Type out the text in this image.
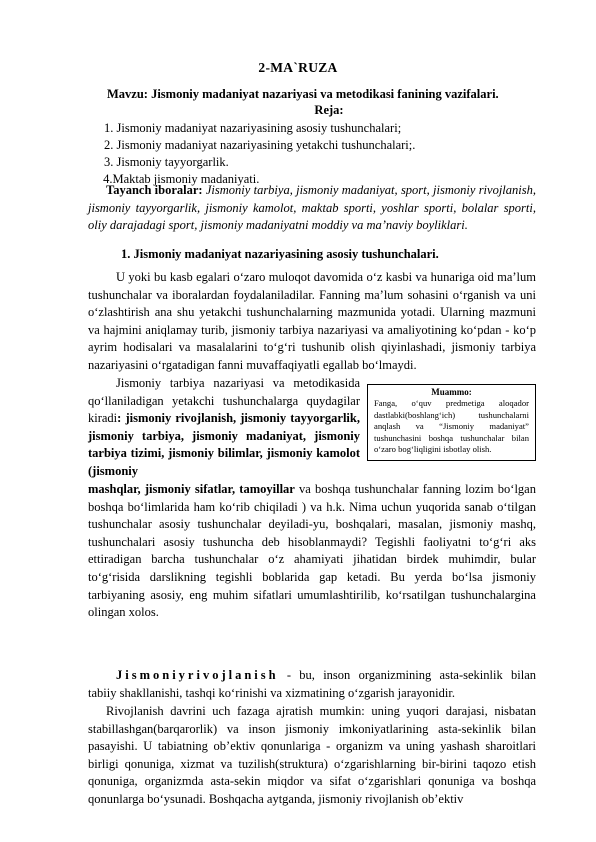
2-MA`RUZA
Mavzu: Jismoniy madaniyat nazariyasi va metodikasi fanining vazifalari.
Reja:
1. Jismoniy madaniyat nazariyasining asosiy tushunchalari;
2. Jismoniy madaniyat nazariyasining yetakchi tushunchalari;.
3. Jismoniy tayyorgarlik.
4.Maktab jismoniy madaniyati.
Tayanch iboralar: Jismoniy tarbiya, jismoniy madaniyat, sport, jismoniy rivojlanish, jismoniy tayyorgarlik, jismoniy kamolot, maktab sporti, yoshlar sporti, bolalar sporti, oliy darajadagi sport, jismoniy madaniyatni moddiy va ma’naviy boyliklari.
1. Jismoniy madaniyat nazariyasining asosiy tushunchalari.
U yoki bu kasb egalari o‘zaro muloqot davomida o‘z kasbi va hunariga oid ma’lum tushunchalar va iboralardan foydalaniladilar. Fanning ma’lum sohasini o‘rganish va uni o‘zlashtirish ana shu yetakchi tushunchalarning mazmunida yotadi. Ularning mazmuni va hajmini aniqlamay turib, jismoniy tarbiya nazariyasi va amaliyotining ko‘pdan - ko‘p ayrim hodisalari va masalalarini to‘g‘ri tushunib olish qiyinlashadi, jismoniy tarbiya nazariyasini o‘rgatadigan fanni muvaffaqiyatli egallab bo‘lmaydi.
Jismoniy tarbiya nazariyasi va metodikasida qo‘llaniladigan yetakchi tushunchalarga quydagilar kiradi: jismoniy rivojlanish, jismoniy tayyorgarlik, jismoniy tarbiya, jismoniy madaniyat, jismoniy tarbiya tizimi, jismoniy bilimlar, jismoniy kamolot (jismoniy
Muammo:
Fanga, o‘quv predmetiga aloqador dastlabki(boshlang‘ich) tushunchalarni anqlash va “Jismoniy madaniyat” tushunchasini boshqa tushunchalar bilan o‘zaro bog‘liqligini isbotlay olish.
mashqlar, jismoniy sifatlar, tamoyillar va boshqa tushunchalar fanning lozim bo‘lgan boshqa bo‘limlarida ham ko‘rib chiqiladi ) va h.k. Nima uchun yuqorida sanab o‘tilgan tushunchalar asosiy tushunchalar deyiladi-yu, boshqalari, masalan, jismoniy mashq, tushunchalari asosiy tushuncha deb hisoblanmaydi? Tegishli faoliyatni to‘g‘ri aks ettiradigan barcha tushunchalar o‘z ahamiyati jihatidan birdek muhimdir, bular to‘g‘risida darslikning tegishli boblarida gap ketadi. Bu yerda bo‘lsa jismoniy tarbiyaning asosiy, eng muhim sifatlari umumlashtirilib, ko‘rsatilgan tushunchalargina olingan xolos.
Jismoniyrivojlanish - bu, inson organizmining asta-sekinlik bilan tabiiy shakllanishi, tashqi ko‘rinishi va xizmatining o‘zgarish jarayonidir.
Rivojlanish davrini uch fazaga ajratish mumkin: uning yuqori darajasi, nisbatan stabillashgan(barqarorlik) va inson jismoniy imkoniyatlarining asta-sekinlik bilan pasayishi. U tabiatning ob’ektiv qonunlariga - organizm va uning yashash sharoitlari birligi qonuniga, xizmat va tuzilish(struktura) o‘zgarishlarning bir-birini taqozo etish qonuniga, organizmda asta-sekin miqdor va sifat o‘zgarishlari qonuniga va boshqa qonunlarga bo‘ysunadi. Boshqacha aytganda, jismoniy rivojlanish ob’ektiv
